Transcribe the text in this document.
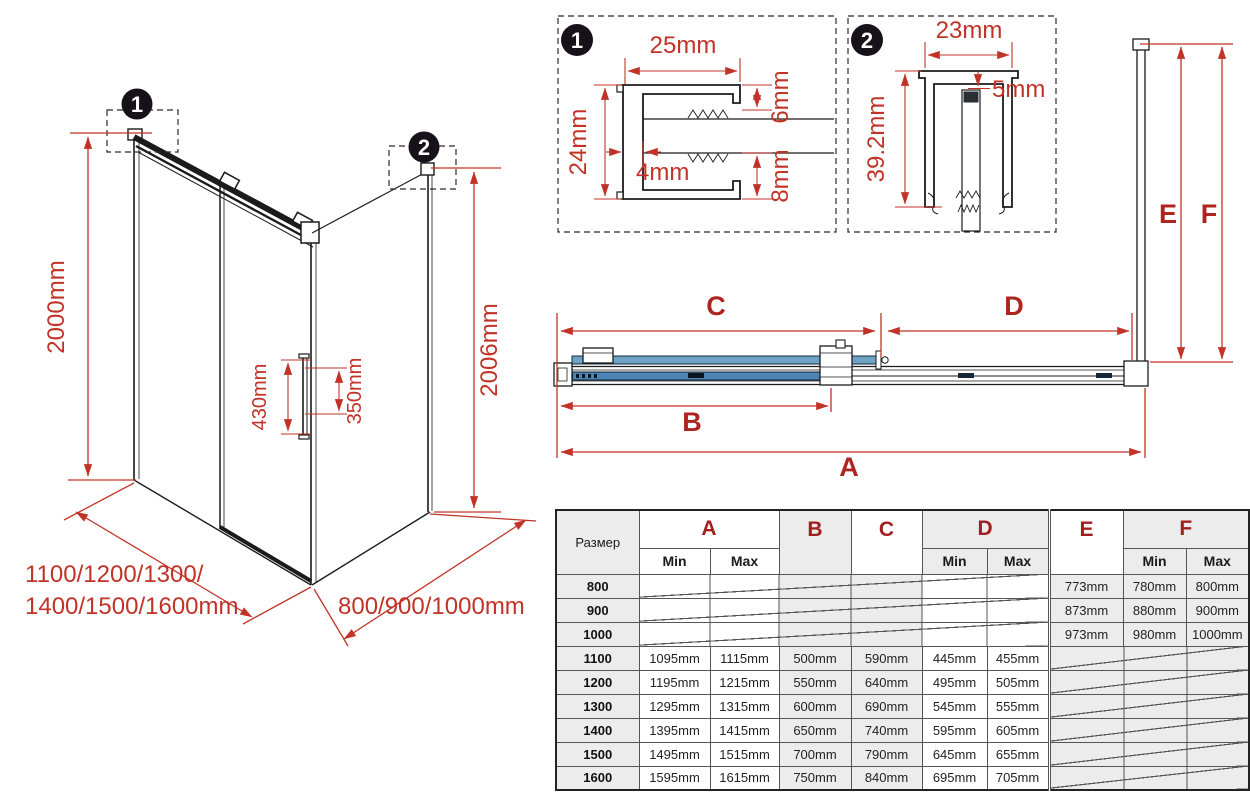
1
2
2000mm	2006mm
430mm	350mm
1100/1200/1300/
1400/1500/1600mm	800/900/1000mm
1	25mm
24mm 4mm
6mm
8mm
2	23mm
5mm
39.2mm
C	D
B
A
E F
Размер	A		B	C	D		E	F	
	Min	Max			Min	Max		Min	Max
800							773mm	780mm	800mm
900							873mm	880mm	900mm
1000							973mm	980mm	1000mm
1100	1095mm	1115mm	500mm	590mm	445mm	455mm			
1200	1195mm	1215mm	550mm	640mm	495mm	505mm			
1300	1295mm	1315mm	600mm	690mm	545mm	555mm			
1400	1395mm	1415mm	650mm	740mm	595mm	605mm			
1500	1495mm	1515mm	700mm	790mm	645mm	655mm			
1600	1595mm	1615mm	750mm	840mm	695mm	705mm			
